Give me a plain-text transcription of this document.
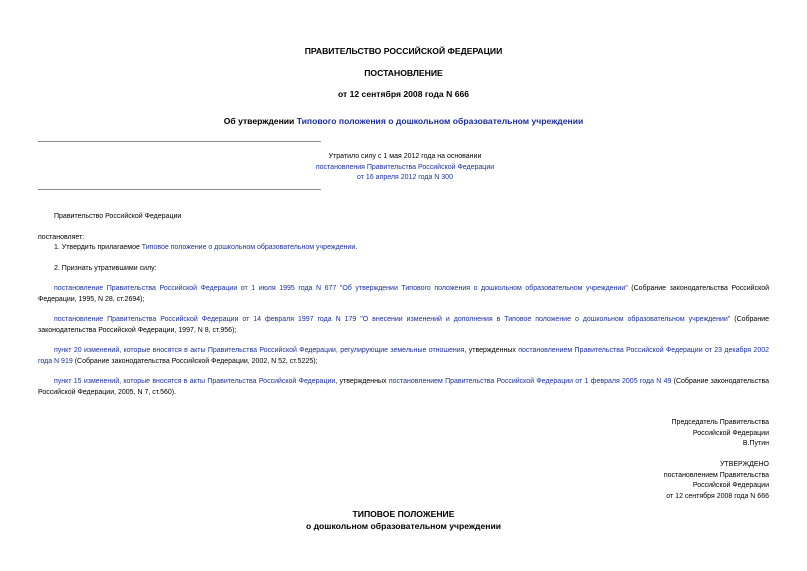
ПРАВИТЕЛЬСТВО РОССИЙСКОЙ ФЕДЕРАЦИИ
ПОСТАНОВЛЕНИЕ
от 12 сентября 2008 года N 666
Об утверждении Типового положения о дошкольном образовательном учреждении
Утратило силу с 1 мая 2012 года на основании
постановления Правительства Российской Федерации
от 16 апреля 2012 года N 300
Правительство Российской Федерации
постановляет:
1. Утвердить прилагаемое Типовое положение о дошкольном образовательном учреждении.
2. Признать утратившими силу:
постановление Правительства Российской Федерации от 1 июля 1995 года N 677 "Об утверждении Типового положения о дошкольном образовательном учреждении" (Собрание законодательства Российской Федерации, 1995, N 28, ст.2694);
постановление Правительства Российской Федерации от 14 февраля 1997 года N 179 "О внесении изменений и дополнения в Типовое положение о дошкольном образовательном учреждении" (Собрание законодательства Российской Федерации, 1997, N 8, ст.956);
пункт 20 изменений, которые вносятся в акты Правительства Российской Федерации, регулирующие земельные отношения, утвержденных постановлением Правительства Российской Федерации от 23 декабря 2002 года N 919 (Собрание законодательства Российской Федерации, 2002, N 52, ст.5225);
пункт 15 изменений, которые вносятся в акты Правительства Российской Федерации, утвержденных постановлением Правительства Российской Федерации от 1 февраля 2005 года N 49 (Собрание законодательства Российской Федерации, 2005, N 7, ст.560).
Председатель Правительства
Российской Федерации
В.Путин
УТВЕРЖДЕНО
постановлением Правительства
Российской Федерации
от 12 сентября 2008 года N 666
ТИПОВОЕ ПОЛОЖЕНИЕ
о дошкольном образовательном учреждении
